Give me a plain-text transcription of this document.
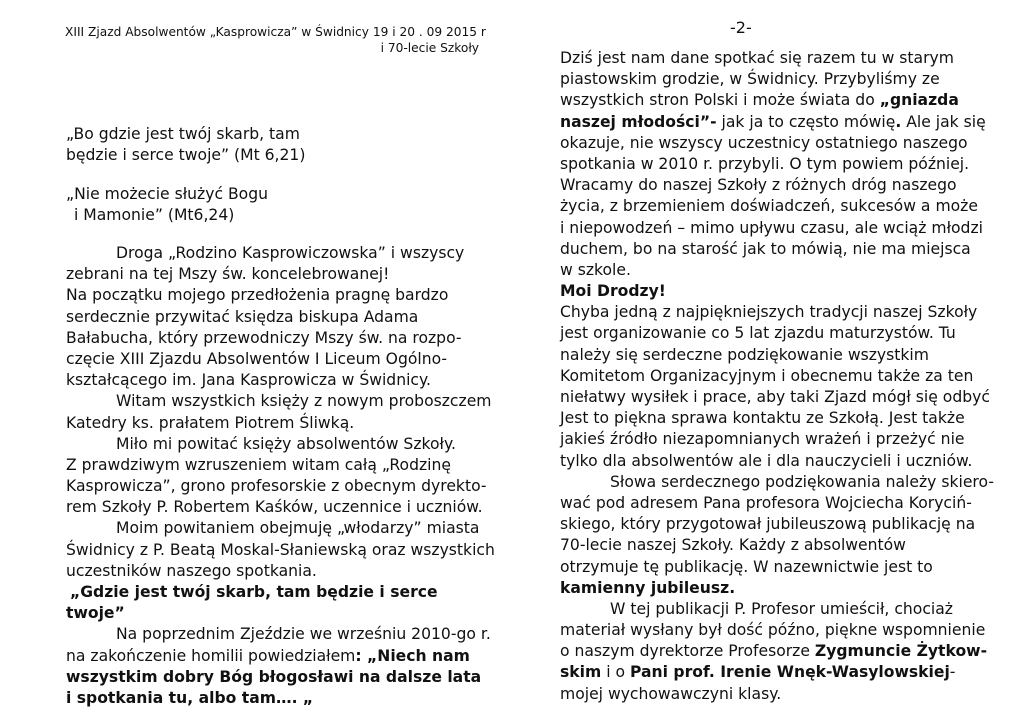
XIII Zjazd Absolwentów „Kasprowicza” w Świdnicy 19 i 20 . 09 2015 r
i 70-lecie Szkoły
„Bo gdzie jest twój skarb, tam
będzie i serce twoje” (Mt 6,21)
„Nie możecie służyć Bogu
i Mamonie” (Mt6,24)
Droga „Rodzino Kasprowiczowska” i wszyscy
zebrani na tej Mszy św. koncelebrowanej!
Na początku mojego przedłożenia pragnę bardzo
serdecznie przywitać księdza biskupa Adama
Bałabucha, który przewodniczy Mszy św. na rozpo-
częcie XIII Zjazdu Absolwentów I Liceum Ogólno-
kształcącego im. Jana Kasprowicza w Świdnicy.
Witam wszystkich księży z nowym proboszczem
Katedry ks. prałatem Piotrem Śliwką.
Miło mi powitać księży absolwentów Szkoły.
Z prawdziwym wzruszeniem witam całą „Rodzinę
Kasprowicza”, grono profesorskie z obecnym dyrekto-
rem Szkoły P. Robertem Kaśków, uczennice i uczniów.
Moim powitaniem obejmuję „włodarzy” miasta
Świdnicy z P. Beatą Moskal-Słaniewską oraz wszystkich
uczestników naszego spotkania.
„Gdzie jest twój skarb, tam będzie i serce
twoje”
Na poprzednim Zjeździe we wrześniu 2010-go r.
na zakończenie homilii powiedziałem: „Niech nam
wszystkim dobry Bóg błogosławi na dalsze lata
i spotkania tu, albo tam…. „
-2-
Dziś jest nam dane spotkać się razem tu w starym
piastowskim grodzie, w Świdnicy. Przybyliśmy ze
wszystkich stron Polski i może świata do „gniazda
naszej młodości”- jak ja to często mówię. Ale jak się
okazuje, nie wszyscy uczestnicy ostatniego naszego
spotkania w 2010 r. przybyli. O tym powiem później.
Wracamy do naszej Szkoły z różnych dróg naszego
życia, z brzemieniem doświadczeń, sukcesów a może
i niepowodzeń – mimo upływu czasu, ale wciąż młodzi
duchem, bo na starość jak to mówią, nie ma miejsca
w szkole.
Moi Drodzy!
Chyba jedną z najpiękniejszych tradycji naszej Szkoły
jest organizowanie co 5 lat zjazdu maturzystów. Tu
należy się serdeczne podziękowanie wszystkim
Komitetom Organizacyjnym i obecnemu także za ten
niełatwy wysiłek i prace, aby taki Zjazd mógł się odbyć
Jest to piękna sprawa kontaktu ze Szkołą. Jest także
jakieś źródło niezapomnianych wrażeń i przeżyć nie
tylko dla absolwentów ale i dla nauczycieli i uczniów.
Słowa serdecznego podziękowania należy skiero-
wać pod adresem Pana profesora Wojciecha Koryciń-
skiego, który przygotował jubileuszową publikację na
70-lecie naszej Szkoły. Każdy z absolwentów
otrzymuje tę publikację. W nazewnictwie jest to
kamienny jubileusz.
W tej publikacji P. Profesor umieścił, chociaż
materiał wysłany był dość późno, piękne wspomnienie
o naszym dyrektorze Profesorze Zygmuncie Żytkow-
skim i o Pani prof. Irenie Wnęk-Wasylowskiej-
mojej wychowawczyni klasy.
